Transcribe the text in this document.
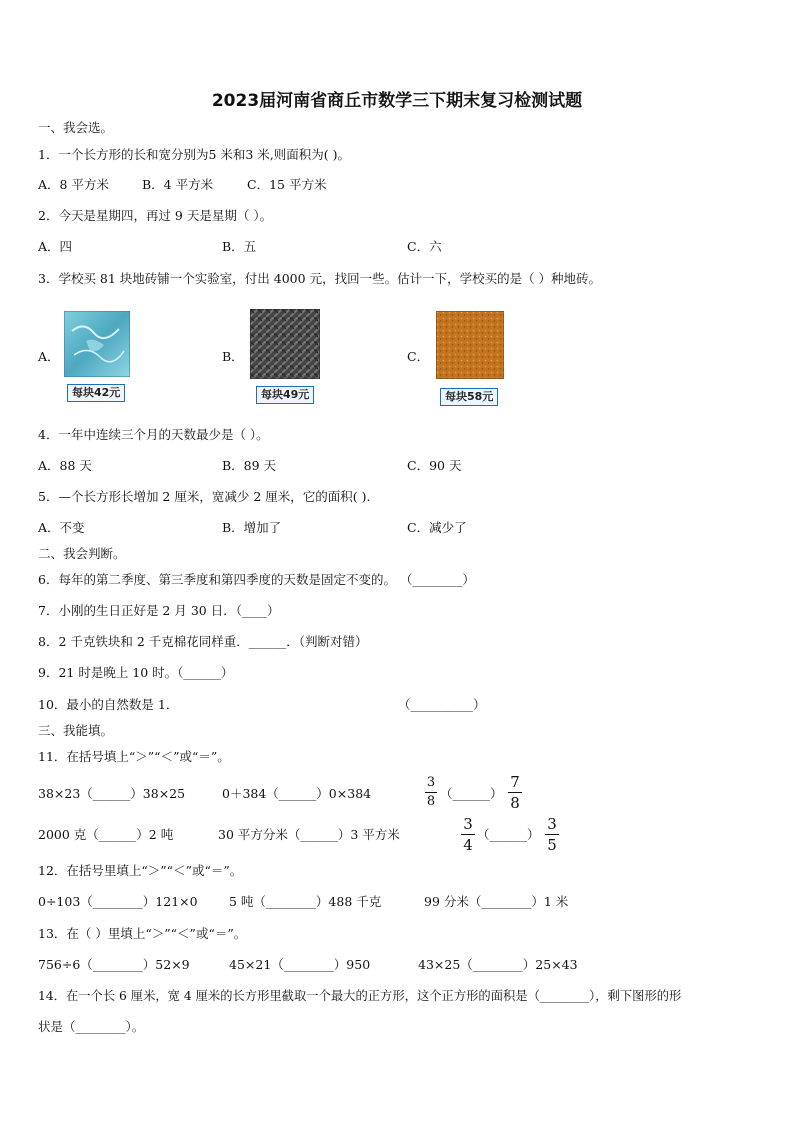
2023届河南省商丘市数学三下期末复习检测试题
一、我会选。
1．一个长方形的长和宽分别为5 米和3 米,则面积为( )。
A．8 平方米	B．4 平方米	C．15 平方米
2．今天是星期四，再过 9 天是星期（ ）。
A．四	B．五	C．六
3．学校买 81 块地砖铺一个实验室，付出 4000 元，找回一些。估计一下，学校买的是（ ）种地砖。
A．
每块42元
B．
每块49元
C．
每块58元
4．一年中连续三个月的天数最少是（ ）。
A．88 天	B．89 天	C．90 天
5．—个长方形长增加 2 厘米，宽减少 2 厘米，它的面积( ).
A．不变	B．增加了	C．减少了
二、我会判断。
6．每年的第二季度、第三季度和第四季度的天数是固定不变的。 （________）
7．小刚的生日正好是 2 月 30 日．（____）
8．2 千克铁块和 2 千克棉花同样重．______．（判断对错）
9．21 时是晚上 10 时。（______）
10．最小的自然数是 1．	（__________）
三、我能填。
11．在括号填上“＞”“＜”或“＝”。
38×23（______）38×25	0＋384（______）0×384
3
8
（______）
7
8
2000 克（______）2 吨	30 平方分米（______）3 平方米
3
4
（______）
3
5
12．在括号里填上“＞”“＜”或“＝”。
0÷103（________）121×0	5 吨（________）488 千克	99 分米（________）1 米
13．在（ ）里填上“＞”“＜”或“＝”。
756÷6（________）52×9	45×21（________）950	43×25（________）25×43
14．在一个长 6 厘米，宽 4 厘米的长方形里截取一个最大的正方形，这个正方形的面积是（________），剩下图形的形
状是（________）。
